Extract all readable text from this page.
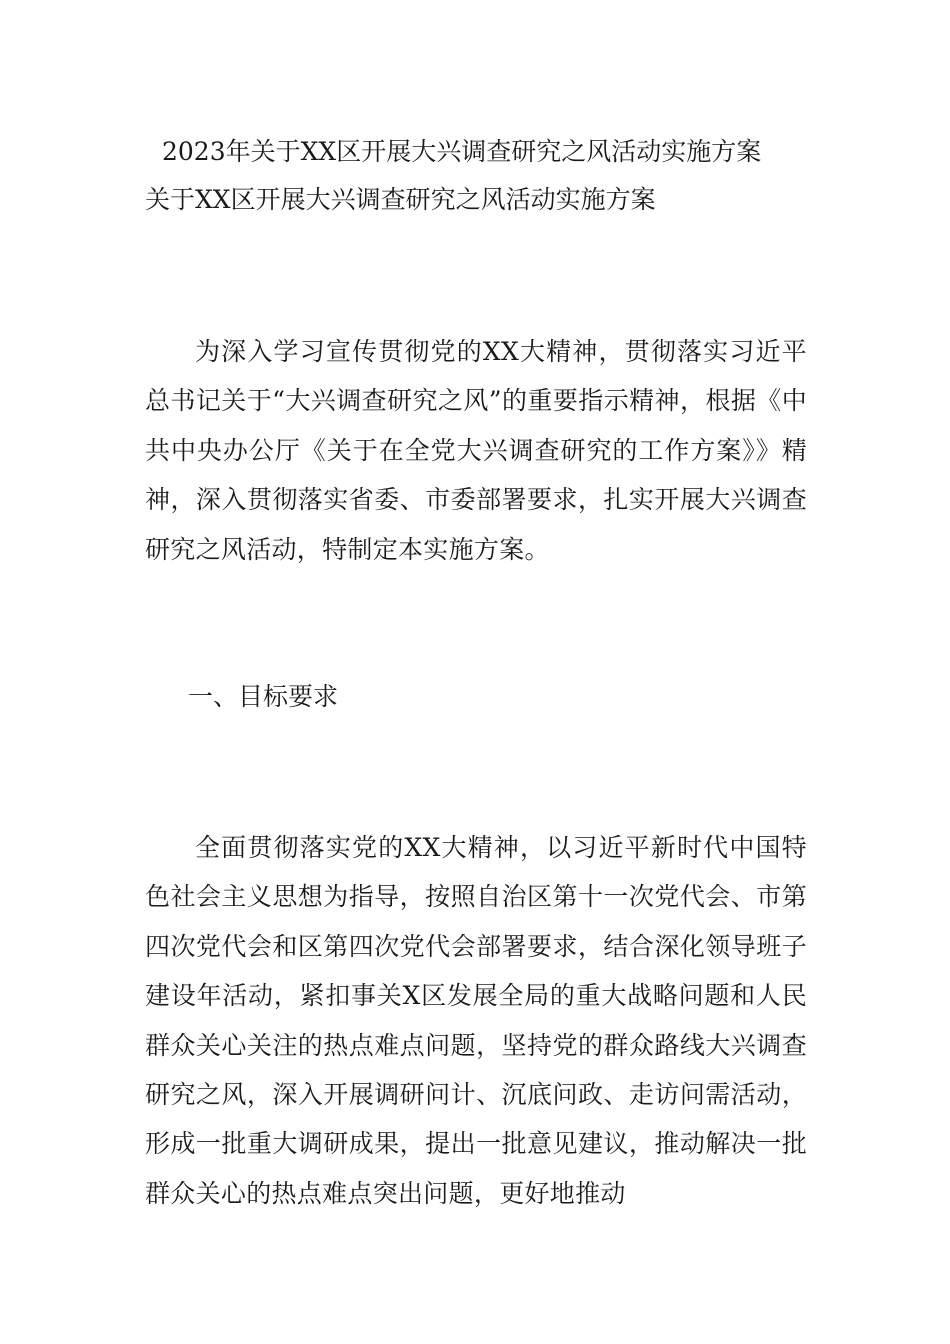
2023年关于XX区开展大兴调查研究之风活动实施方案
关于XX区开展大兴调查研究之风活动实施方案

为深入学习宣传贯彻党的XX大精神，贯彻落实习近平总书记关于“大兴调查研究之风”的重要指示精神，根据《中共中央办公厅《关于在全党大兴调查研究的工作方案》》精神，深入贯彻落实省委、市委部署要求，扎实开展大兴调查研究之风活动，特制定本实施方案。

一、目标要求

全面贯彻落实党的XX大精神，以习近平新时代中国特色社会主义思想为指导，按照自治区第十一次党代会、市第四次党代会和区第四次党代会部署要求，结合深化领导班子建设年活动，紧扣事关X区发展全局的重大战略问题和人民群众关心关注的热点难点问题，坚持党的群众路线大兴调查研究之风，深入开展调研问计、沉底问政、走访问需活动，形成一批重大调研成果，提出一批意见建议，推动解决一批群众关心的热点难点突出问题，更好地推动
